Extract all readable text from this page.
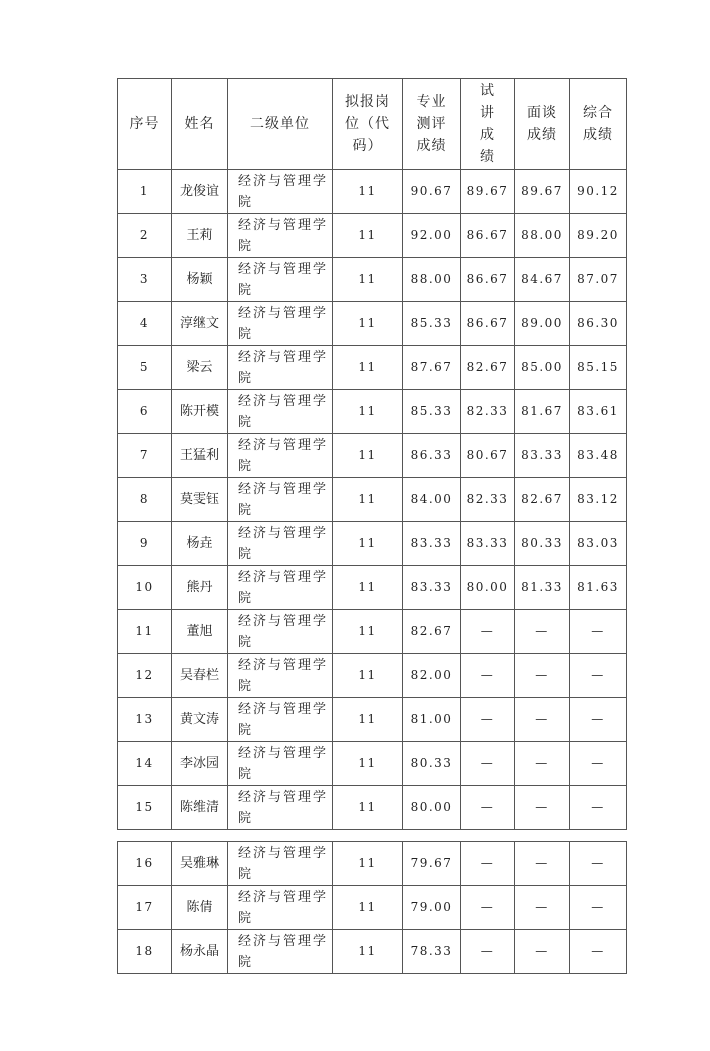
序号	姓名	二级单位	拟报岗位（代码）	专业测评成绩	试讲成绩	面谈成绩	综合成绩
1	龙俊谊	经济与管理学院	11	90.67	89.67	89.67	90.12
2	王莉	经济与管理学院	11	92.00	86.67	88.00	89.20
3	杨颖	经济与管理学院	11	88.00	86.67	84.67	87.07
4	淳继文	经济与管理学院	11	85.33	86.67	89.00	86.30
5	梁云	经济与管理学院	11	87.67	82.67	85.00	85.15
6	陈开模	经济与管理学院	11	85.33	82.33	81.67	83.61
7	王猛利	经济与管理学院	11	86.33	80.67	83.33	83.48
8	莫雯钰	经济与管理学院	11	84.00	82.33	82.67	83.12
9	杨垚	经济与管理学院	11	83.33	83.33	80.33	83.03
10	熊丹	经济与管理学院	11	83.33	80.00	81.33	81.63
11	董旭	经济与管理学院	11	82.67	—	—	—
12	吴春栏	经济与管理学院	11	82.00	—	—	—
13	黄文涛	经济与管理学院	11	81.00	—	—	—
14	李冰园	经济与管理学院	11	80.33	—	—	—
15	陈维清	经济与管理学院	11	80.00	—	—	—
16	吴雅琳	经济与管理学院	11	79.67	—	—	—
17	陈倩	经济与管理学院	11	79.00	—	—	—
18	杨永晶	经济与管理学院	11	78.33	—	—	—
